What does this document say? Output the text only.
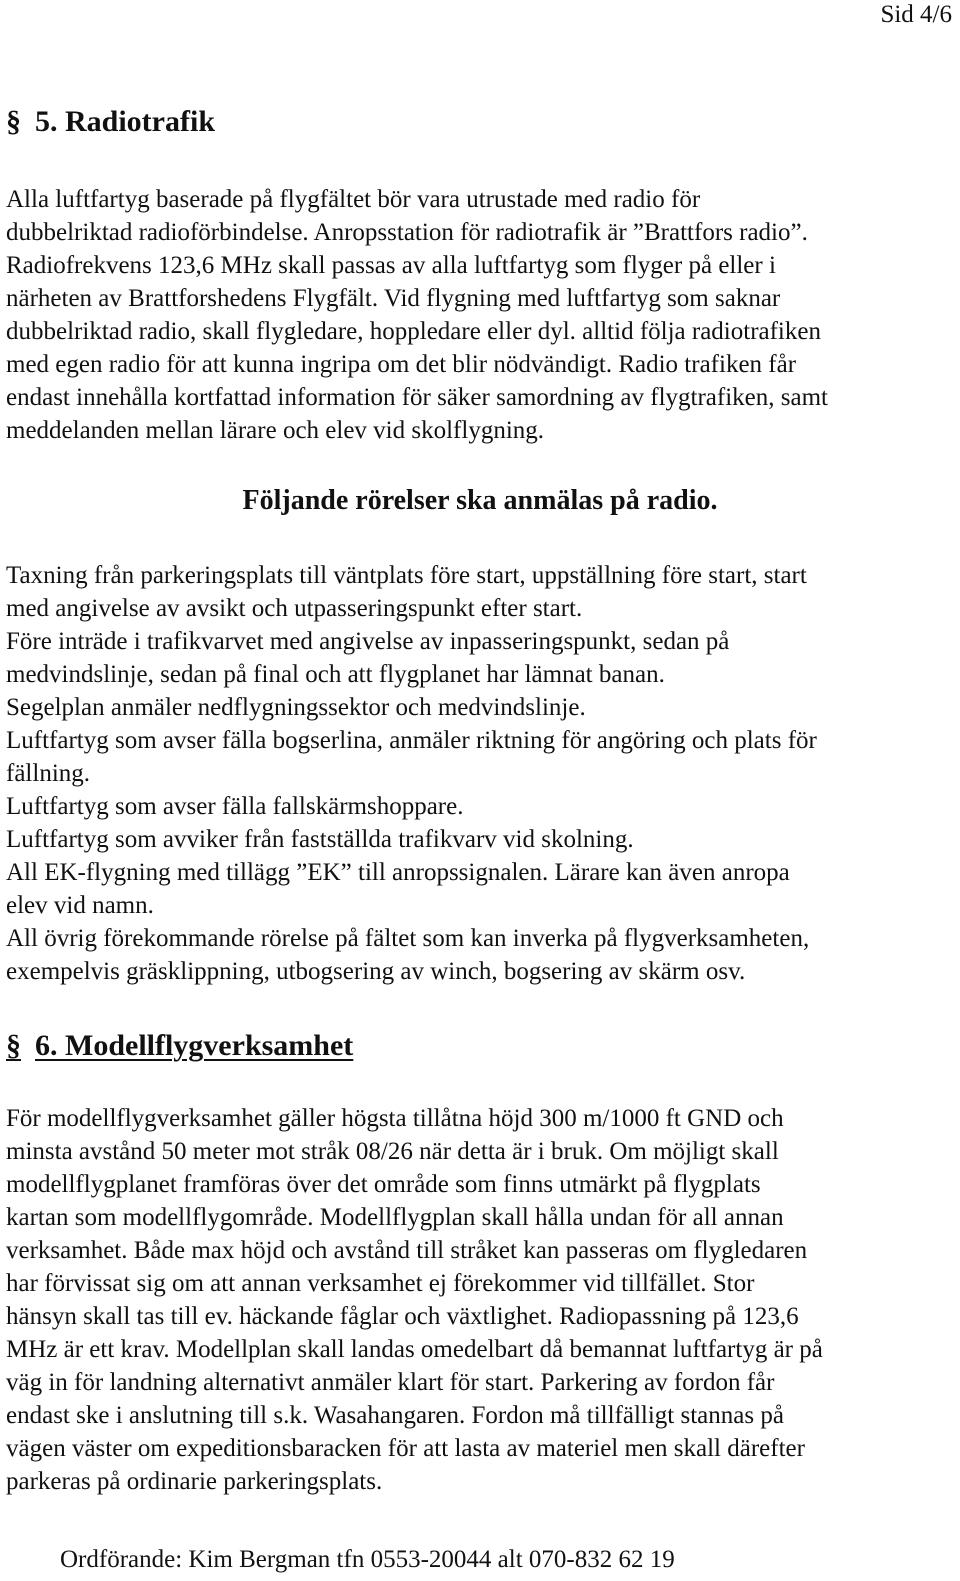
Sid 4/6
§ 5. Radiotrafik
Alla luftfartyg baserade på flygfältet bör vara utrustade med radio för
dubbelriktad radioförbindelse. Anropsstation för radiotrafik är ”Brattfors radio”.
Radiofrekvens 123,6 MHz skall passas av alla luftfartyg som flyger på eller i
närheten av Brattforshedens Flygfält. Vid flygning med luftfartyg som saknar
dubbelriktad radio, skall flygledare, hoppledare eller dyl. alltid följa radiotrafiken
med egen radio för att kunna ingripa om det blir nödvändigt. Radio trafiken får
endast innehålla kortfattad information för säker samordning av flygtrafiken, samt
meddelanden mellan lärare och elev vid skolflygning.
Följande rörelser ska anmälas på radio.
Taxning från parkeringsplats till väntplats före start, uppställning före start, start
med angivelse av avsikt och utpasseringspunkt efter start.
Före inträde i trafikvarvet med angivelse av inpasseringspunkt, sedan på
medvindslinje, sedan på final och att flygplanet har lämnat banan.
Segelplan anmäler nedflygningssektor och medvindslinje.
Luftfartyg som avser fälla bogserlina, anmäler riktning för angöring och plats för
fällning.
Luftfartyg som avser fälla fallskärmshoppare.
Luftfartyg som avviker från fastställda trafikvarv vid skolning.
All EK-flygning med tillägg ”EK” till anropssignalen. Lärare kan även anropa
elev vid namn.
All övrig förekommande rörelse på fältet som kan inverka på flygverksamheten,
exempelvis gräsklippning, utbogsering av winch, bogsering av skärm osv.
§ 6. Modellflygverksamhet
För modellflygverksamhet gäller högsta tillåtna höjd 300 m/1000 ft GND och
minsta avstånd 50 meter mot stråk 08/26 när detta är i bruk. Om möjligt skall
modellflygplanet framföras över det område som finns utmärkt på flygplats
kartan som modellflygområde. Modellflygplan skall hålla undan för all annan
verksamhet. Både max höjd och avstånd till stråket kan passeras om flygledaren
har förvissat sig om att annan verksamhet ej förekommer vid tillfället. Stor
hänsyn skall tas till ev. häckande fåglar och växtlighet. Radiopassning på 123,6
MHz är ett krav. Modellplan skall landas omedelbart då bemannat luftfartyg är på
väg in för landning alternativt anmäler klart för start. Parkering av fordon får
endast ske i anslutning till s.k. Wasahangaren. Fordon må tillfälligt stannas på
vägen väster om expeditionsbaracken för att lasta av materiel men skall därefter
parkeras på ordinarie parkeringsplats.
Ordförande: Kim Bergman tfn 0553-20044 alt 070-832 62 19
